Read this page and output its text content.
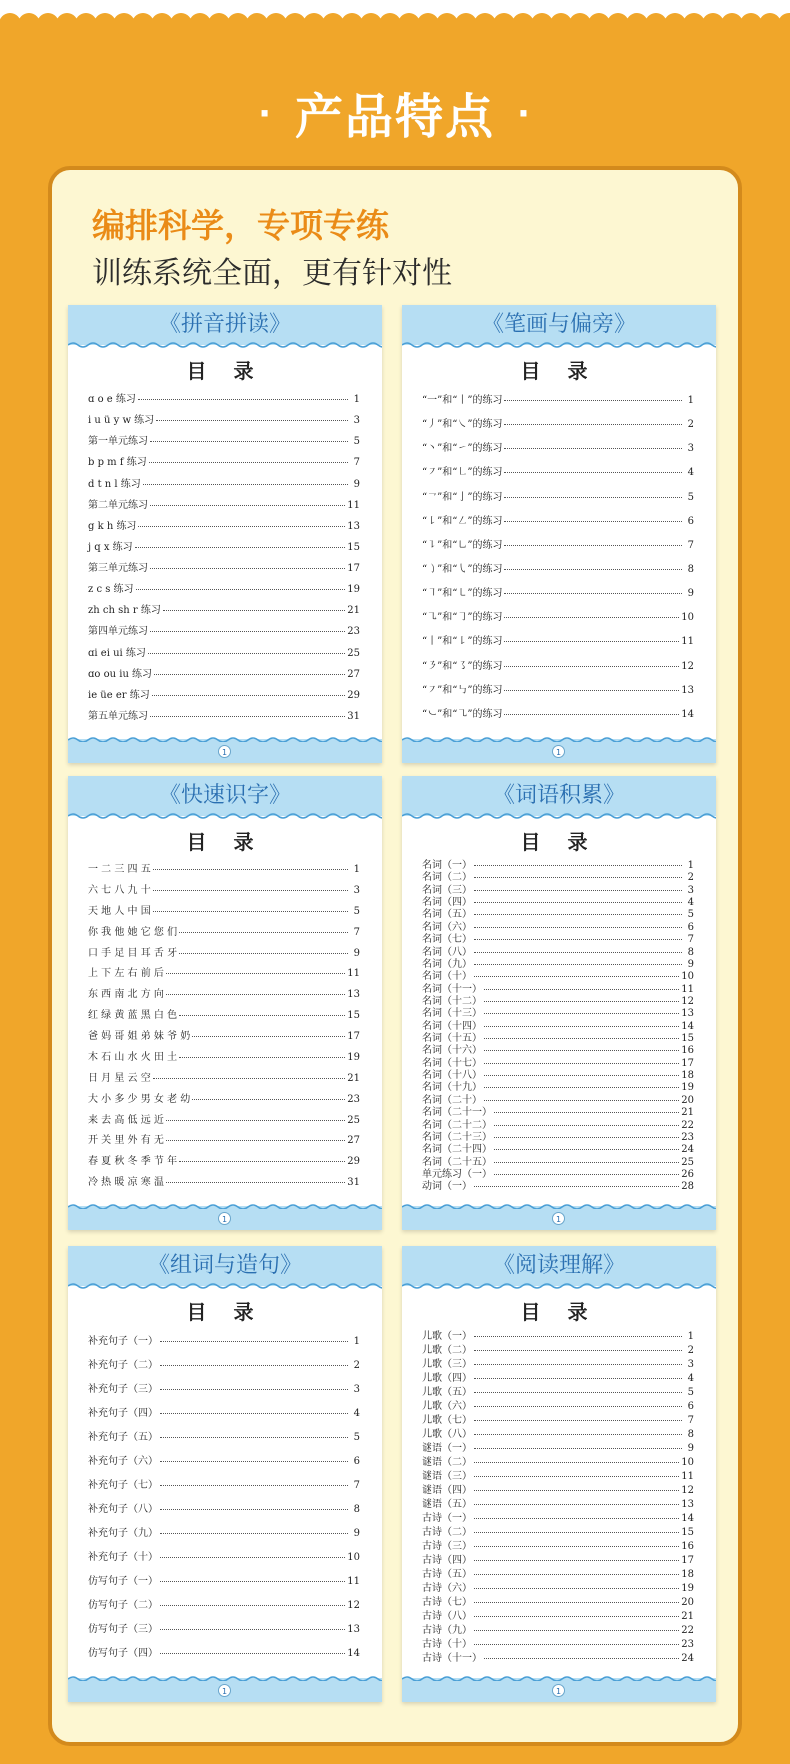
· 产品特点 ·
编排科学，专项专练
训练系统全面，更有针对性
《拼音拼读》
目 录
ɑ o e 练习	1
i u ü y w 练习	3
第一单元练习	5
b p m f 练习	7
d t n l 练习	9
第二单元练习	11
g k h 练习	13
j q x 练习	15
第三单元练习	17
z c s 练习	19
zh ch sh r 练习	21
第四单元练习	23
ɑi ei ui 练习	25
ɑo ou iu 练习	27
ie üe er 练习	29
第五单元练习	31
1
《笔画与偏旁》
目 录
“一”和“丨”的练习	1
“丿”和“㇏”的练习	2
“丶”和“㇀”的练习	3
“㇇”和“㇗”的练习	4
“㇖”和“亅”的练习	5
“㇙”和“㇜”的练习	6
“㇊”和“㇟”的练习	7
“㇁”和“㇂”的练习	8
“㇕”和“㇄”的练习	9
“㇈”和“㇆”的练习	10
“丨”和“㇙”的练习	11
“㇋”和“㇌”的练习	12
“㇇”和“㇉”的练习	13
“㇃”和“㇈”的练习	14
1
《快速识字》
目 录
一 二 三 四 五	1
六 七 八 九 十	3
天 地 人 中 国	5
你 我 他 她 它 您 们	7
口 手 足 目 耳 舌 牙	9
上 下 左 右 前 后	11
东 西 南 北 方 向	13
红 绿 黄 蓝 黑 白 色	15
爸 妈 哥 姐 弟 妹 爷 奶	17
木 石 山 水 火 田 土	19
日 月 星 云 空	21
大 小 多 少 男 女 老 幼	23
来 去 高 低 远 近	25
开 关 里 外 有 无	27
春 夏 秋 冬 季 节 年	29
冷 热 暖 凉 寒 温	31
1
《词语积累》
目 录
名词（一）	1
名词（二）	2
名词（三）	3
名词（四）	4
名词（五）	5
名词（六）	6
名词（七）	7
名词（八）	8
名词（九）	9
名词（十）	10
名词（十一）	11
名词（十二）	12
名词（十三）	13
名词（十四）	14
名词（十五）	15
名词（十六）	16
名词（十七）	17
名词（十八）	18
名词（十九）	19
名词（二十）	20
名词（二十一）	21
名词（二十二）	22
名词（二十三）	23
名词（二十四）	24
名词（二十五）	25
单元练习（一）	26
动词（一）	28
1
《组词与造句》
目 录
补充句子（一）	1
补充句子（二）	2
补充句子（三）	3
补充句子（四）	4
补充句子（五）	5
补充句子（六）	6
补充句子（七）	7
补充句子（八）	8
补充句子（九）	9
补充句子（十）	10
仿写句子（一）	11
仿写句子（二）	12
仿写句子（三）	13
仿写句子（四）	14
1
《阅读理解》
目 录
儿歌（一）	1
儿歌（二）	2
儿歌（三）	3
儿歌（四）	4
儿歌（五）	5
儿歌（六）	6
儿歌（七）	7
儿歌（八）	8
谜语（一）	9
谜语（二）	10
谜语（三）	11
谜语（四）	12
谜语（五）	13
古诗（一）	14
古诗（二）	15
古诗（三）	16
古诗（四）	17
古诗（五）	18
古诗（六）	19
古诗（七）	20
古诗（八）	21
古诗（九）	22
古诗（十）	23
古诗（十一）	24
1
